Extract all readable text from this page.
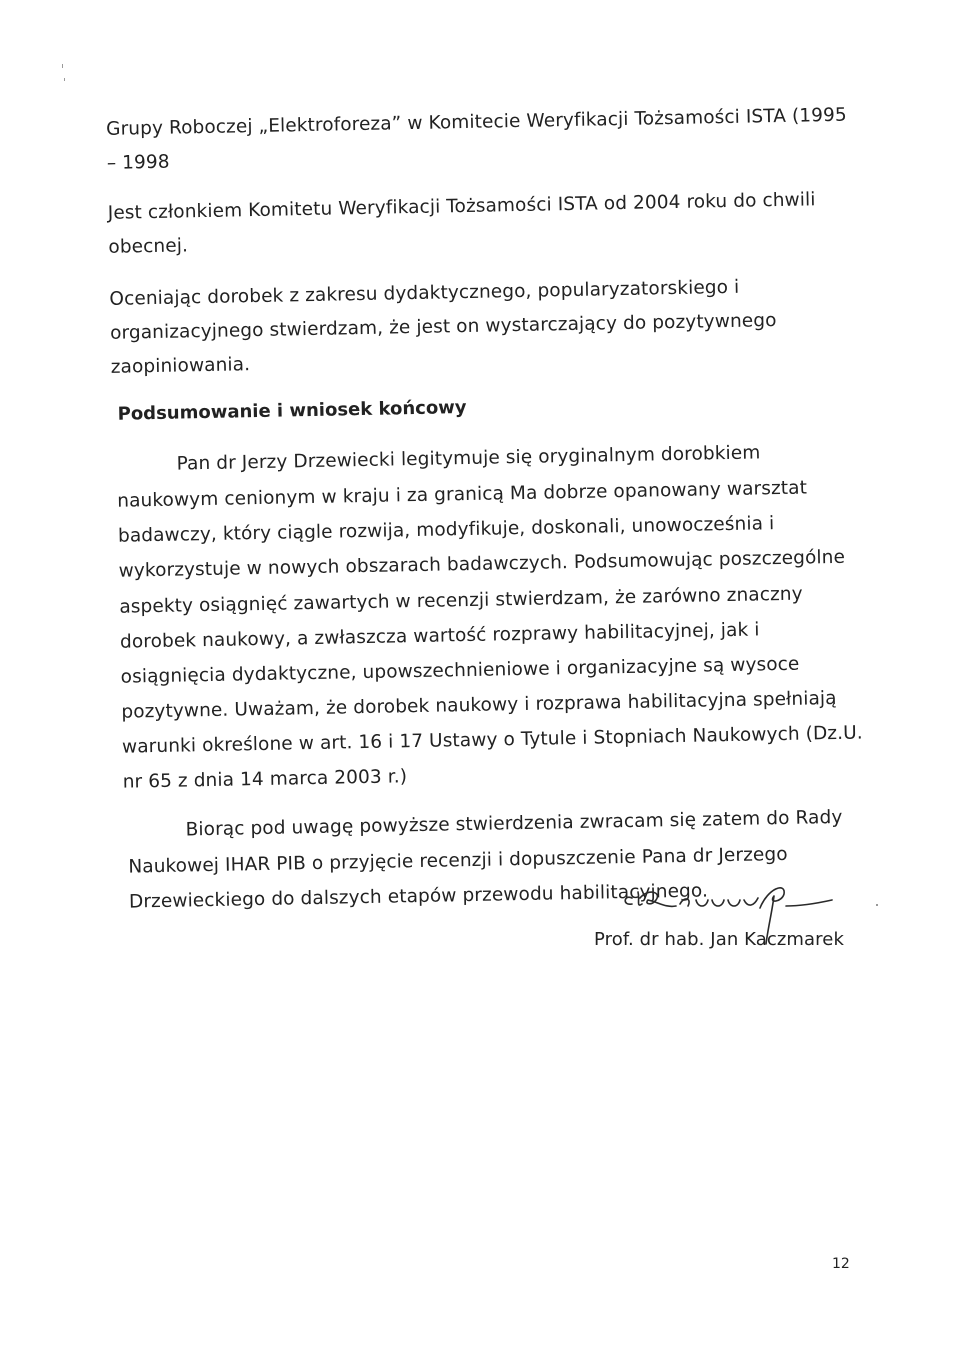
Grupy Roboczej „Elektroforeza” w Komitecie Weryfikacji Tożsamości ISTA (1995
– 1998
Jest członkiem Komitetu Weryfikacji Tożsamości ISTA od 2004 roku do chwili
obecnej.
Oceniając dorobek z zakresu dydaktycznego, popularyzatorskiego i
organizacyjnego stwierdzam, że jest on wystarczający do pozytywnego
zaopiniowania.
Podsumowanie i wniosek końcowy
Pan dr Jerzy Drzewiecki legitymuje się oryginalnym dorobkiem
naukowym cenionym w kraju i za granicą Ma dobrze opanowany warsztat
badawczy, który ciągle rozwija, modyfikuje, doskonali, unowocześnia i
wykorzystuje w nowych obszarach badawczych. Podsumowując poszczególne
aspekty osiągnięć zawartych w recenzji stwierdzam, że zarówno znaczny
dorobek naukowy, a zwłaszcza wartość rozprawy habilitacyjnej, jak i
osiągnięcia dydaktyczne, upowszechnieniowe i organizacyjne są wysoce
pozytywne. Uważam, że dorobek naukowy i rozprawa habilitacyjna spełniają
warunki określone w art. 16 i 17 Ustawy o Tytule i Stopniach Naukowych (Dz.U.
nr 65 z dnia 14 marca 2003 r.)
Biorąc pod uwagę powyższe stwierdzenia zwracam się zatem do Rady
Naukowej IHAR PIB o przyjęcie recenzji i dopuszczenie Pana dr Jerzego
Drzewieckiego do dalszych etapów przewodu habilitacyjnego.
Prof. dr hab. Jan Kaczmarek
12
